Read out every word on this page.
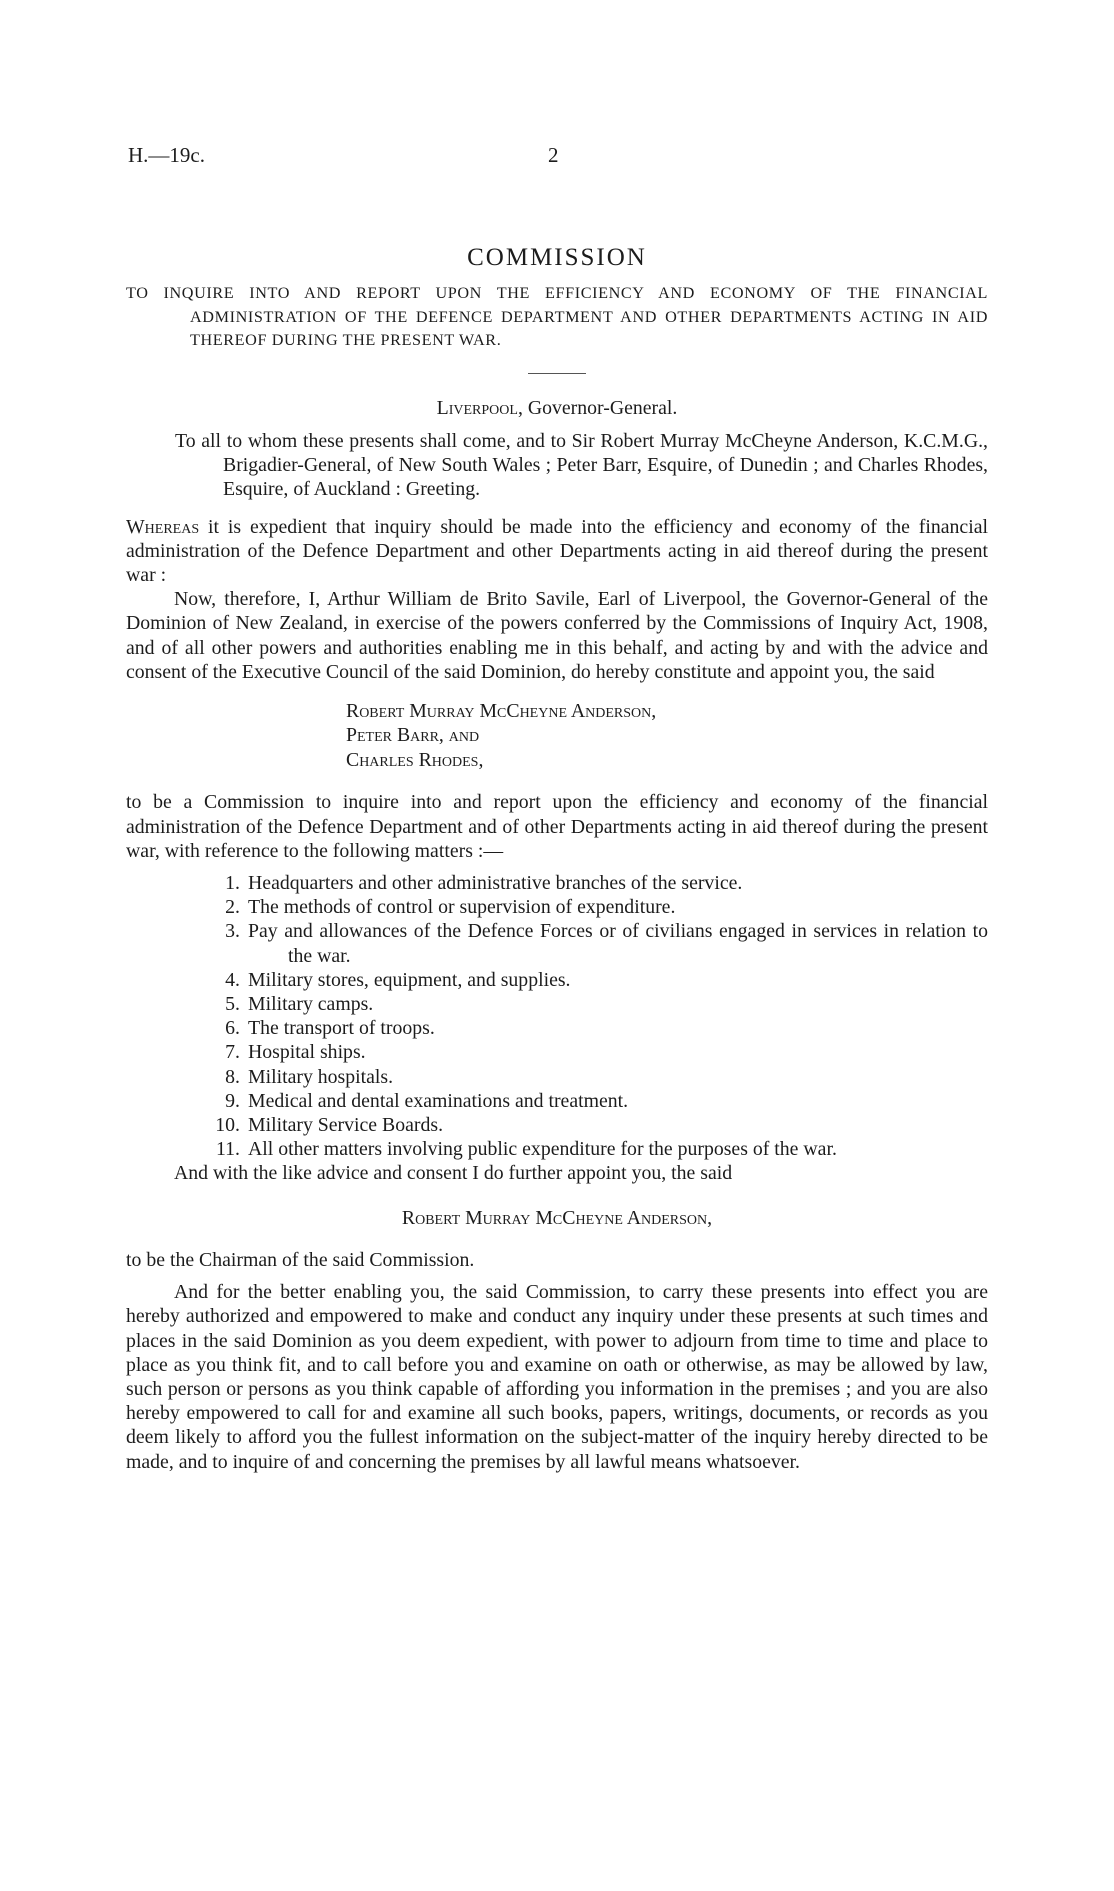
H.—19c.	2
COMMISSION

TO INQUIRE INTO AND REPORT UPON THE EFFICIENCY AND ECONOMY OF THE FINANCIAL ADMINISTRATION OF THE DEFENCE DEPARTMENT AND OTHER DEPARTMENTS ACTING IN AID THEREOF DURING THE PRESENT WAR.

Liverpool, Governor-General.

To all to whom these presents shall come, and to Sir Robert Murray McCheyne Anderson, K.C.M.G., Brigadier-General, of New South Wales ; Peter Barr, Esquire, of Dunedin ; and Charles Rhodes, Esquire, of Auckland : Greeting.

Whereas it is expedient that inquiry should be made into the efficiency and economy of the financial administration of the Defence Department and other Departments acting in aid thereof during the present war :

Now, therefore, I, Arthur William de Brito Savile, Earl of Liverpool, the Governor-General of the Dominion of New Zealand, in exercise of the powers conferred by the Commissions of Inquiry Act, 1908, and of all other powers and authorities enabling me in this behalf, and acting by and with the advice and consent of the Executive Council of the said Dominion, do hereby constitute and appoint you, the said

Robert Murray McCheyne Anderson,
Peter Barr, and
Charles Rhodes,

to be a Commission to inquire into and report upon the efficiency and economy of the financial administration of the Defence Department and of other Departments acting in aid thereof during the present war, with reference to the following matters :—

1. Headquarters and other administrative branches of the service.
2. The methods of control or supervision of expenditure.
3. Pay and allowances of the Defence Forces or of civilians engaged in services in relation to the war.
4. Military stores, equipment, and supplies.
5. Military camps.
6. The transport of troops.
7. Hospital ships.
8. Military hospitals.
9. Medical and dental examinations and treatment.
10. Military Service Boards.
11. All other matters involving public expenditure for the purposes of the war.

And with the like advice and consent I do further appoint you, the said

Robert Murray McCheyne Anderson,

to be the Chairman of the said Commission.

And for the better enabling you, the said Commission, to carry these presents into effect you are hereby authorized and empowered to make and conduct any inquiry under these presents at such times and places in the said Dominion as you deem expedient, with power to adjourn from time to time and place to place as you think fit, and to call before you and examine on oath or otherwise, as may be allowed by law, such person or persons as you think capable of affording you information in the premises ; and you are also hereby empowered to call for and examine all such books, papers, writings, documents, or records as you deem likely to afford you the fullest information on the subject-matter of the inquiry hereby directed to be made, and to inquire of and concerning the premises by all lawful means whatsoever.
